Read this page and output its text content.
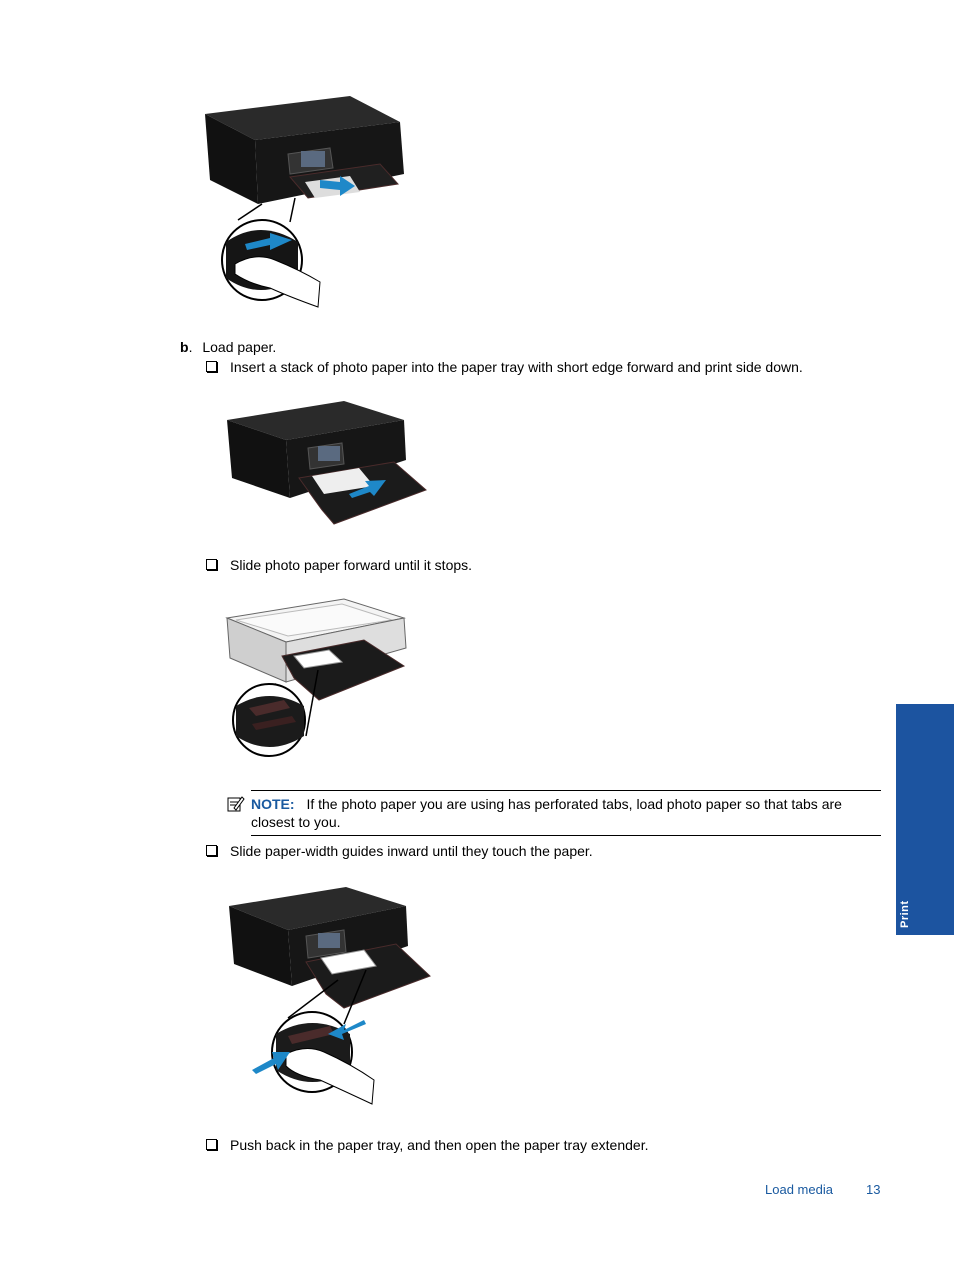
b. Load paper.
Insert a stack of photo paper into the paper tray with short edge forward and print side down.
Slide photo paper forward until it stops.
NOTE: If the photo paper you are using has perforated tabs, load photo paper so that tabs are
closest to you.
Slide paper-width guides inward until they touch the paper.
Push back in the paper tray, and then open the paper tray extender.
Print
Load media	13
